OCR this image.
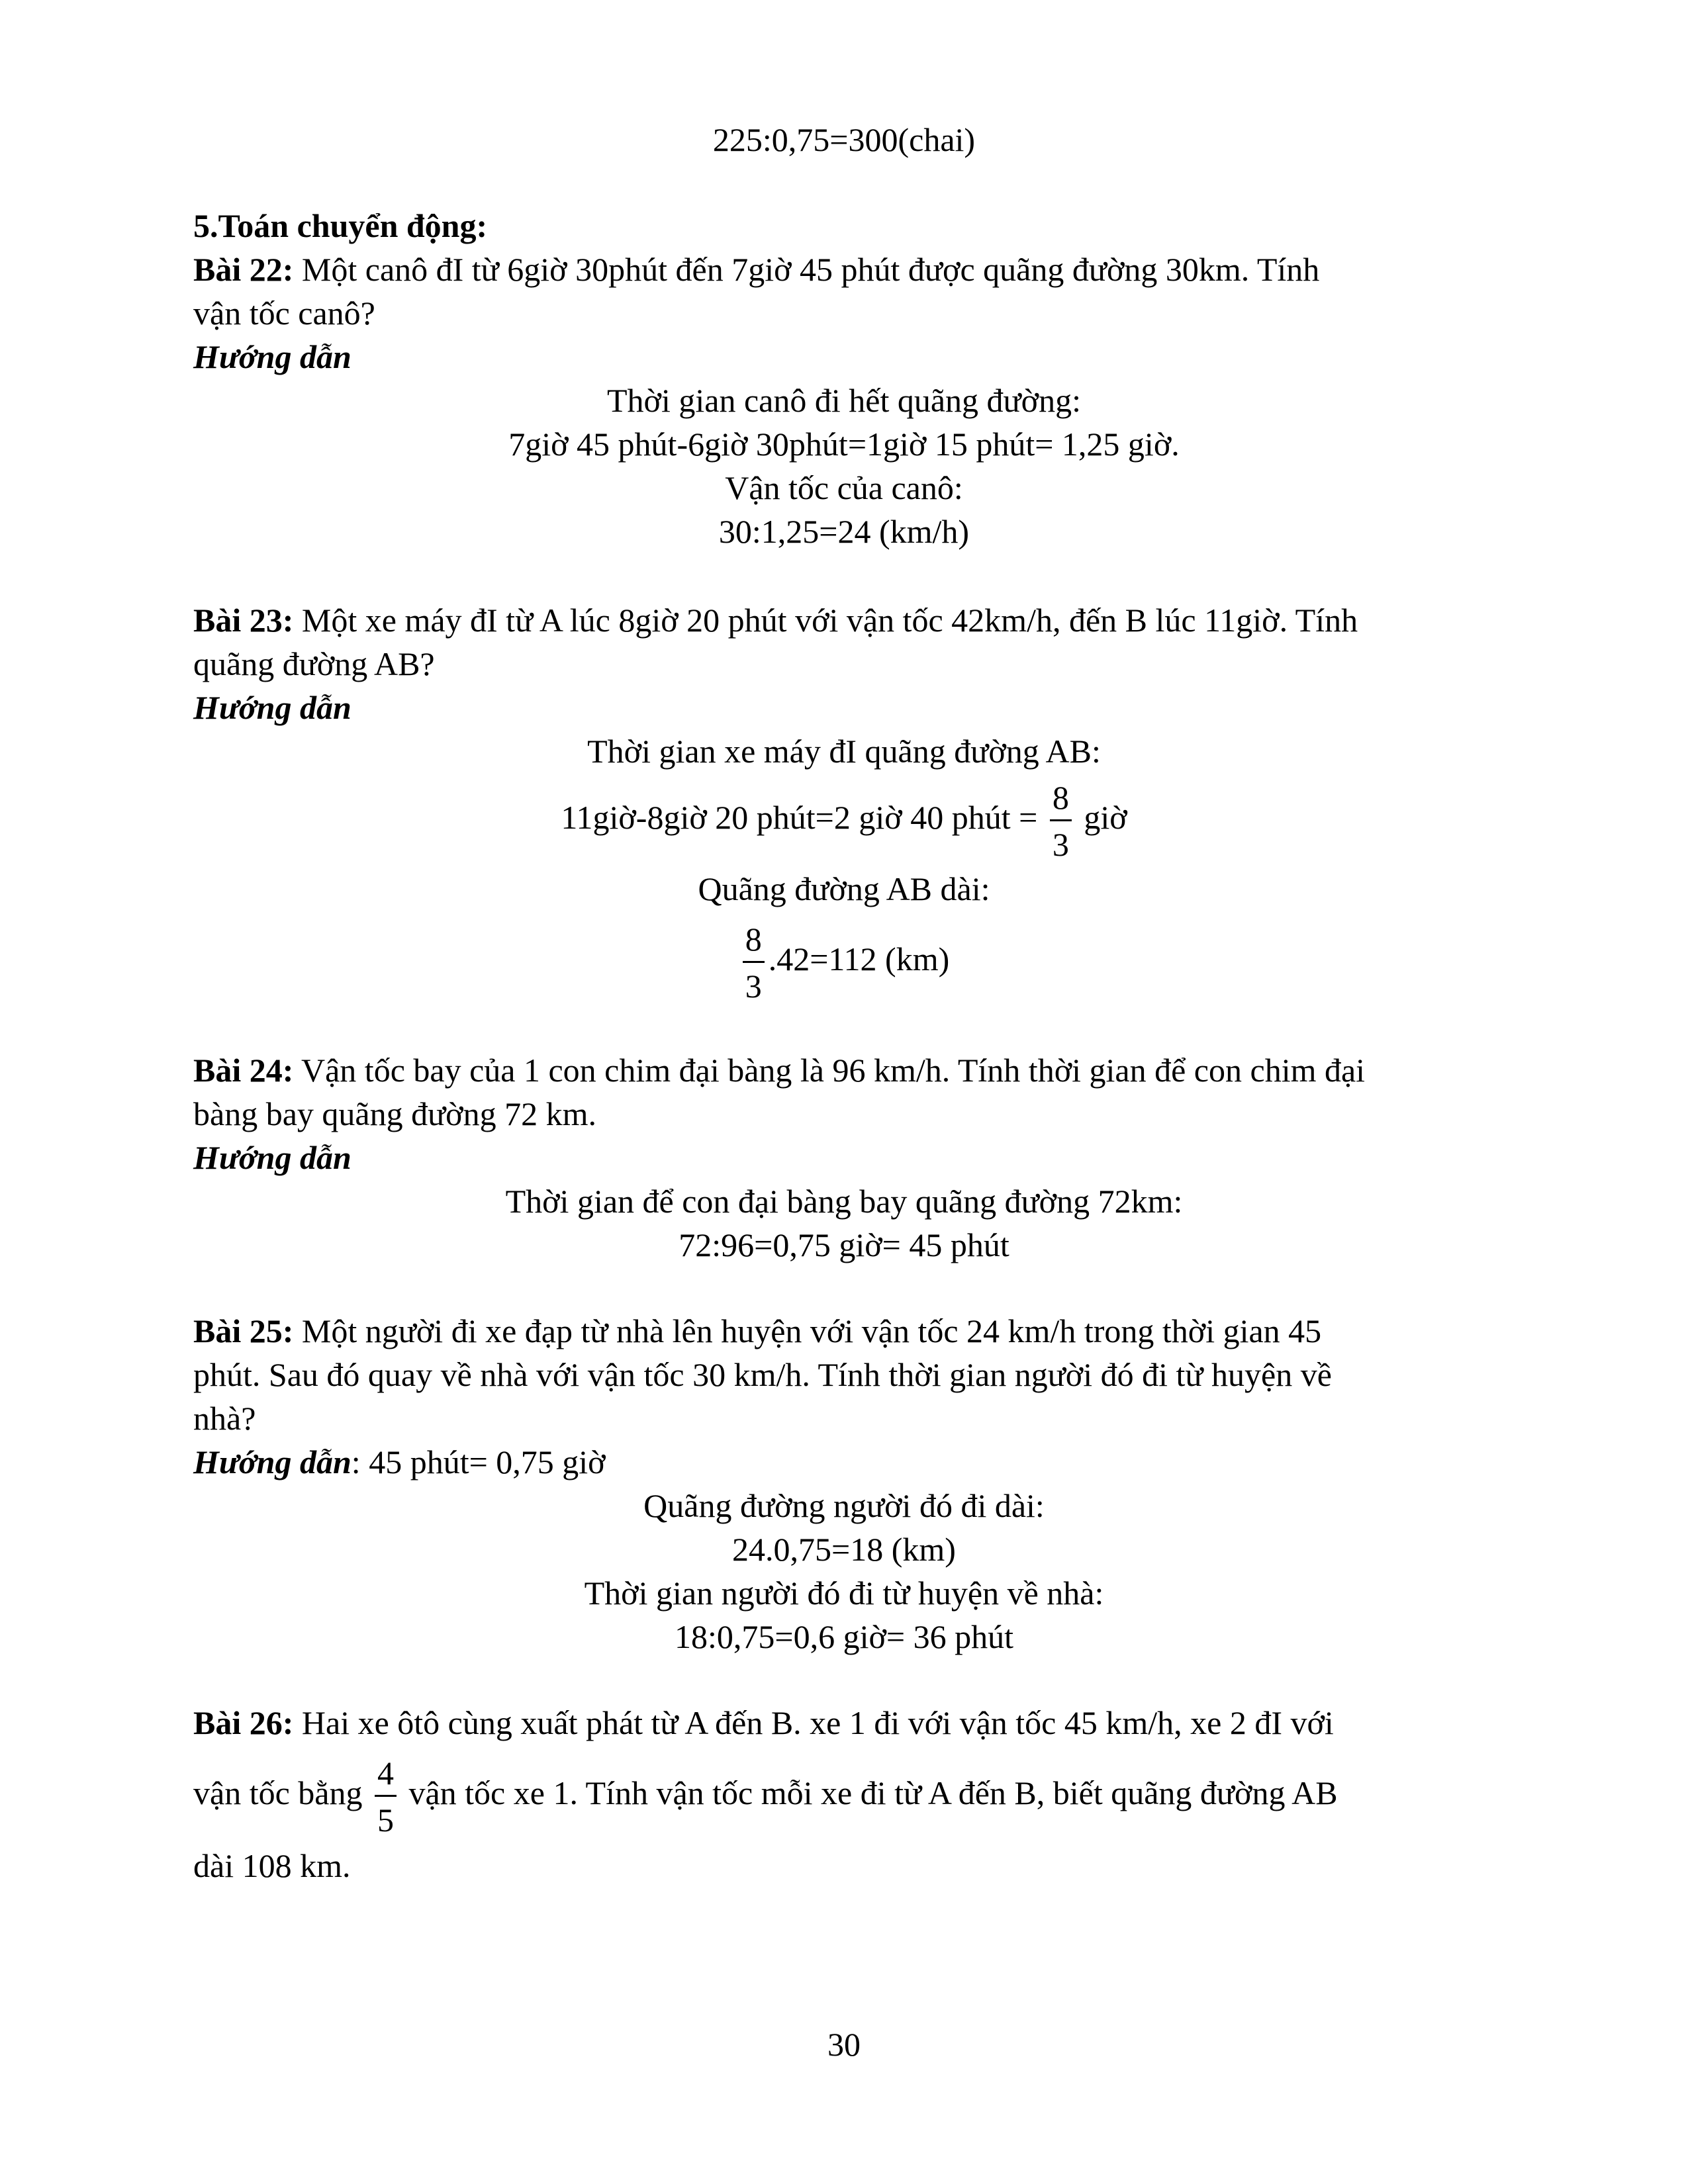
225:0,75=300(chai)
5.Toán chuyển động:
Bài 22: Một canô đI từ 6giờ 30phút đến 7giờ 45 phút được quãng đường 30km. Tính
vận tốc canô?
Hướng dẫn
Thời gian canô đi hết quãng đường:
7giờ 45 phút-6giờ 30phút=1giờ 15 phút= 1,25 giờ.
Vận tốc của canô:
30:1,25=24 (km/h)
Bài 23: Một xe máy đI từ A lúc 8giờ 20 phút với vận tốc 42km/h, đến B lúc 11giờ. Tính
quãng đường AB?
Hướng dẫn
Thời gian xe máy đI quãng đường AB:
11giờ-8giờ 20 phút=2 giờ 40 phút = $\frac{8}{3}$ giờ
Quãng đường AB dài:
$\frac{8}{3} .42=112$ (km)
Bài 24: Vận tốc bay của 1 con chim đại bàng là 96 km/h. Tính thời gian để con chim đại
bàng bay quãng đường 72 km.
Hướng dẫn
Thời gian để con đại bàng bay quãng đường 72km:
72:96=0,75 giờ= 45 phút
Bài 25: Một người đi xe đạp từ nhà lên huyện với vận tốc 24 km/h trong thời gian 45
phút. Sau đó quay về nhà với vận tốc 30 km/h. Tính thời gian người đó đi từ huyện về
nhà?
Hướng dẫn: 45 phút= 0,75 giờ
Quãng đường người đó đi dài:
24.0,75=18 (km)
Thời gian người đó đi từ huyện về nhà:
18:0,75=0,6 giờ= 36 phút
Bài 26: Hai xe ôtô cùng xuất phát từ A đến B. xe 1 đi với vận tốc 45 km/h, xe 2 đI với
vận tốc bằng $\frac{4}{5}$ vận tốc xe 1. Tính vận tốc mỗi xe đi từ A đến B, biết quãng đường AB
dài 108 km.
30
